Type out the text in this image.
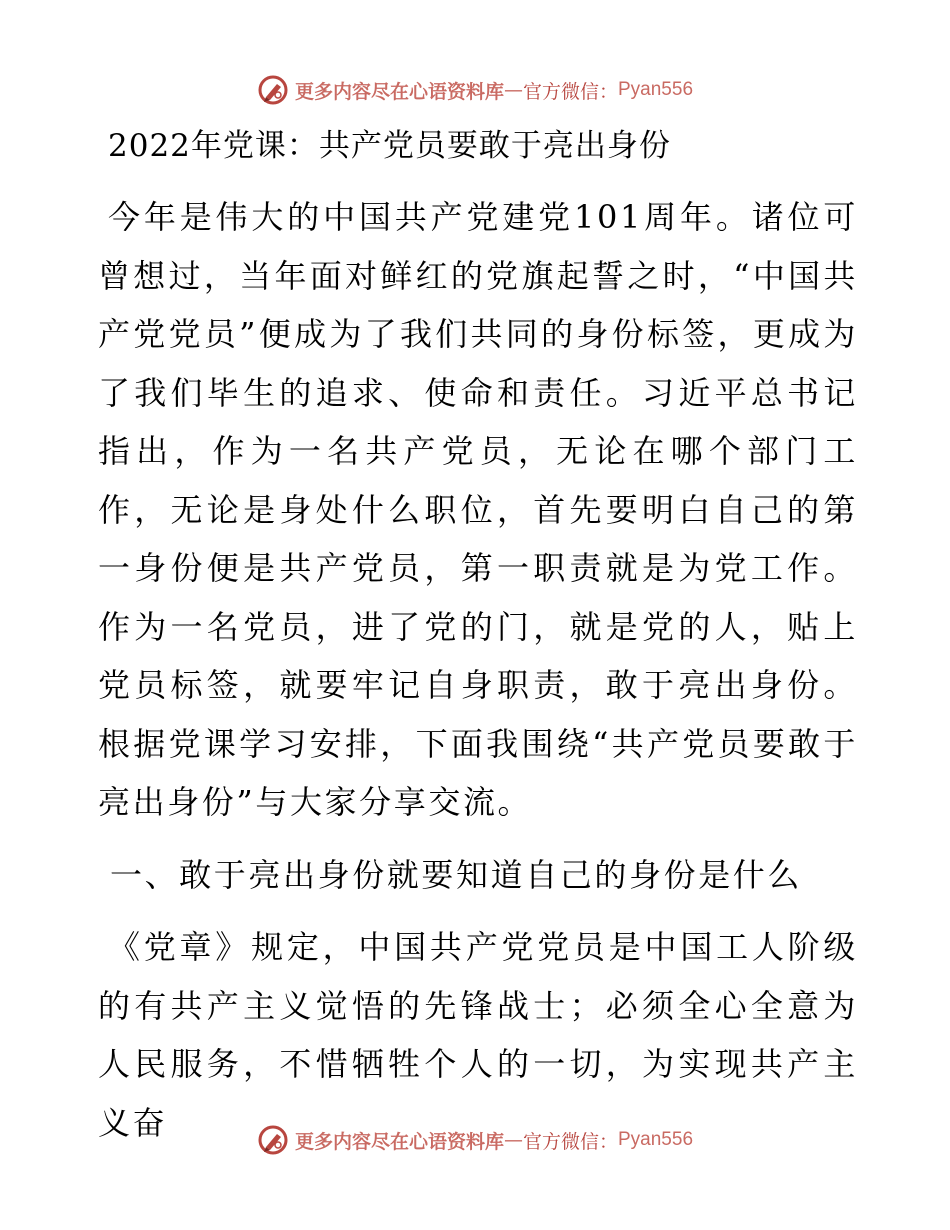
更多内容尽在心语资料库 — 官方微信： Pyan556
2022年党课：共产党员要敢于亮出身份

今年是伟大的中国共产党建党101周年。诸位可曾想过，当年面对鲜红的党旗起誓之时，“中国共产党党员”便成为了我们共同的身份标签，更成为了我们毕生的追求、使命和责任。习近平总书记指出，作为一名共产党员，无论在哪个部门工作，无论是身处什么职位，首先要明白自己的第一身份便是共产党员，第一职责就是为党工作。作为一名党员，进了党的门，就是党的人，贴上党员标签，就要牢记自身职责，敢于亮出身份。根据党课学习安排，下面我围绕“共产党员要敢于亮出身份”与大家分享交流。

一、敢于亮出身份就要知道自己的身份是什么

《党章》规定，中国共产党党员是中国工人阶级的有共产主义觉悟的先锋战士；必须全心全意为人民服务，不惜牺牲个人的一切，为实现共产主义奋	更多内容尽在心语资料库 — 官方微信： Pyan556
